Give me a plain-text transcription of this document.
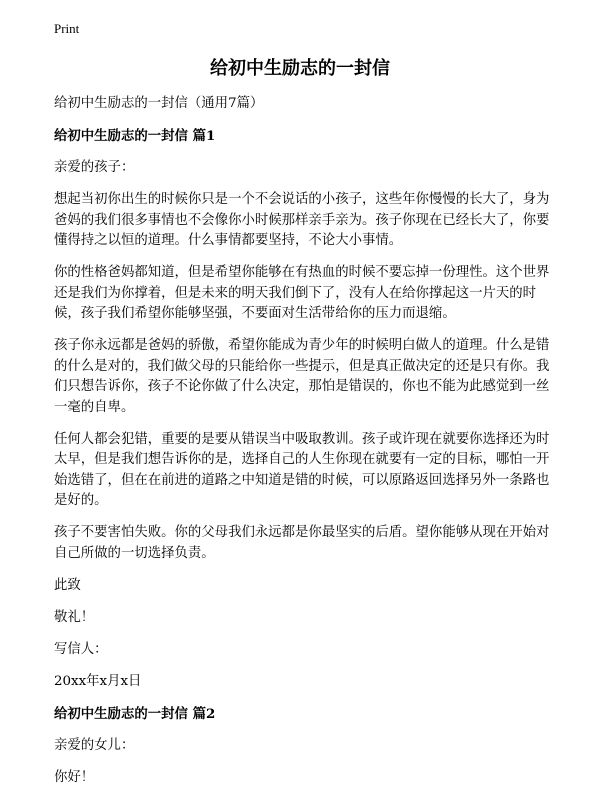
Print
给初中生励志的一封信

给初中生励志的一封信（通用7篇）

给初中生励志的一封信 篇1

亲爱的孩子：

想起当初你出生的时候你只是一个不会说话的小孩子，这些年你慢慢的长大了，身为爸妈的我们很多事情也不会像你小时候那样亲手亲为。孩子你现在已经长大了，你要懂得持之以恒的道理。什么事情都要坚持，不论大小事情。

你的性格爸妈都知道，但是希望你能够在有热血的时候不要忘掉一份理性。这个世界还是我们为你撑着，但是未来的明天我们倒下了，没有人在给你撑起这一片天的时候，孩子我们希望你能够坚强，不要面对生活带给你的压力而退缩。

孩子你永远都是爸妈的骄傲，希望你能成为青少年的时候明白做人的道理。什么是错的什么是对的，我们做父母的只能给你一些提示，但是真正做决定的还是只有你。我们只想告诉你，孩子不论你做了什么决定，那怕是错误的，你也不能为此感觉到一丝一毫的自卑。

任何人都会犯错，重要的是要从错误当中吸取教训。孩子或许现在就要你选择还为时太早，但是我们想告诉你的是，选择自己的人生你现在就要有一定的目标，哪怕一开始选错了，但在在前进的道路之中知道是错的时候，可以原路返回选择另外一条路也是好的。

孩子不要害怕失败。你的父母我们永远都是你最坚实的后盾。望你能够从现在开始对自己所做的一切选择负责。

此致

敬礼！

写信人：

20xx年x月x日

给初中生励志的一封信 篇2

亲爱的女儿：

你好！
